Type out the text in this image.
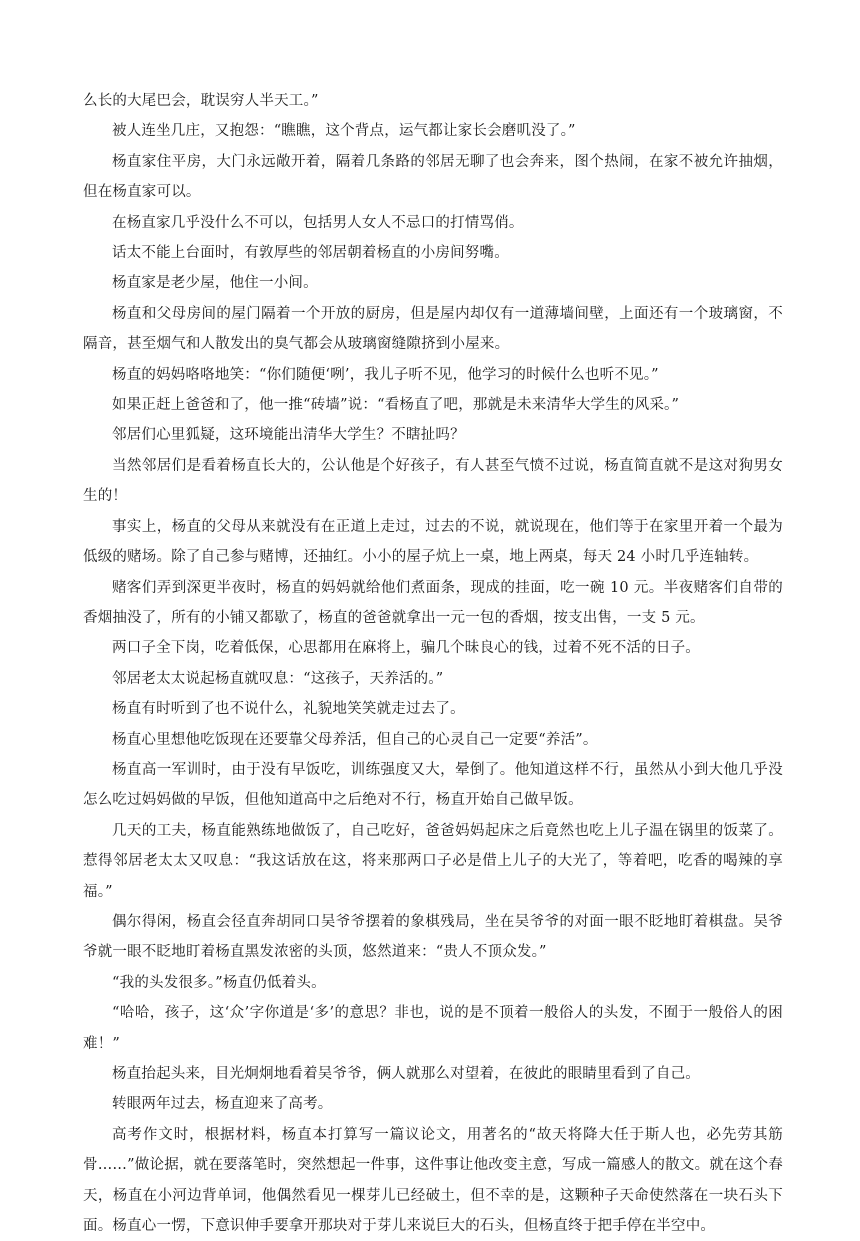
么长的大尾巴会，耽误穷人半天工。”

被人连坐几庄，又抱怨：“瞧瞧，这个背点，运气都让家长会磨叽没了。”

杨直家住平房，大门永远敞开着，隔着几条路的邻居无聊了也会奔来，图个热闹，在家不被允许抽烟，但在杨直家可以。

在杨直家几乎没什么不可以，包括男人女人不忌口的打情骂俏。

话太不能上台面时，有敦厚些的邻居朝着杨直的小房间努嘴。

杨直家是老少屋，他住一小间。

杨直和父母房间的屋门隔着一个开放的厨房，但是屋内却仅有一道薄墙间壁，上面还有一个玻璃窗，不隔音，甚至烟气和人散发出的臭气都会从玻璃窗缝隙挤到小屋来。

杨直的妈妈咯咯地笑：“你们随便‘咧’，我儿子听不见，他学习的时候什么也听不见。”

如果正赶上爸爸和了，他一推“砖墙”说：“看杨直了吧，那就是未来清华大学生的风采。”

邻居们心里狐疑，这环境能出清华大学生？不瞎扯吗？

当然邻居们是看着杨直长大的，公认他是个好孩子，有人甚至气愤不过说，杨直简直就不是这对狗男女生的！

事实上，杨直的父母从来就没有在正道上走过，过去的不说，就说现在，他们等于在家里开着一个最为低级的赌场。除了自己参与赌博，还抽红。小小的屋子炕上一桌，地上两桌，每天 24 小时几乎连轴转。

赌客们弄到深更半夜时，杨直的妈妈就给他们煮面条，现成的挂面，吃一碗 10 元。半夜赌客们自带的香烟抽没了，所有的小铺又都歇了，杨直的爸爸就拿出一元一包的香烟，按支出售，一支 5 元。

两口子全下岗，吃着低保，心思都用在麻将上，骗几个昧良心的钱，过着不死不活的日子。

邻居老太太说起杨直就叹息：“这孩子，天养活的。”

杨直有时听到了也不说什么，礼貌地笑笑就走过去了。

杨直心里想他吃饭现在还要靠父母养活，但自己的心灵自己一定要“养活”。

杨直高一军训时，由于没有早饭吃，训练强度又大，晕倒了。他知道这样不行，虽然从小到大他几乎没怎么吃过妈妈做的早饭，但他知道高中之后绝对不行，杨直开始自己做早饭。

几天的工夫，杨直能熟练地做饭了，自己吃好，爸爸妈妈起床之后竟然也吃上儿子温在锅里的饭菜了。惹得邻居老太太又叹息：“我这话放在这，将来那两口子必是借上儿子的大光了，等着吧，吃香的喝辣的享福。”

偶尔得闲，杨直会径直奔胡同口吴爷爷摆着的象棋残局，坐在吴爷爷的对面一眼不眨地盯着棋盘。吴爷爷就一眼不眨地盯着杨直黑发浓密的头顶，悠然道来：“贵人不顶众发。”

“我的头发很多。”杨直仍低着头。

“哈哈，孩子，这‘众’字你道是‘多’的意思？非也，说的是不顶着一般俗人的头发，不囿于一般俗人的困难！”

杨直抬起头来，目光炯炯地看着吴爷爷，俩人就那么对望着，在彼此的眼睛里看到了自己。

转眼两年过去，杨直迎来了高考。

高考作文时，根据材料，杨直本打算写一篇议论文，用著名的“故天将降大任于斯人也，必先劳其筋骨……”做论据，就在要落笔时，突然想起一件事，这件事让他改变主意，写成一篇感人的散文。就在这个春天，杨直在小河边背单词，他偶然看见一棵芽儿已经破土，但不幸的是，这颗种子天命使然落在一块石头下面。杨直心一愣，下意识伸手要拿开那块对于芽儿来说巨大的石头，但杨直终于把手停在半空中。
